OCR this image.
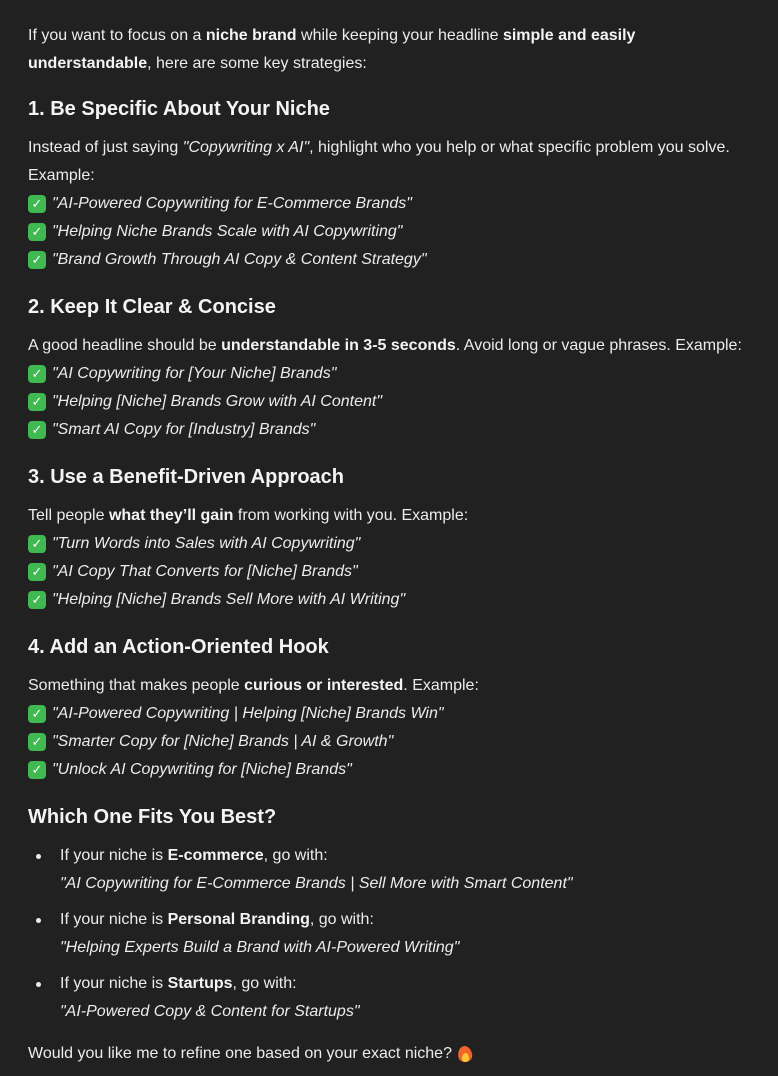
If you want to focus on a niche brand while keeping your headline simple and easily understandable, here are some key strategies:

1. Be Specific About Your Niche

Instead of just saying "Copywriting x AI", highlight who you help or what specific problem you solve. Example:

✓ "AI-Powered Copywriting for E-Commerce Brands"
✓ "Helping Niche Brands Scale with AI Copywriting"
✓ "Brand Growth Through AI Copy & Content Strategy"
2. Keep It Clear & Concise

A good headline should be understandable in 3-5 seconds. Avoid long or vague phrases. Example:

✓ "AI Copywriting for [Your Niche] Brands"
✓ "Helping [Niche] Brands Grow with AI Content"
✓ "Smart AI Copy for [Industry] Brands"
3. Use a Benefit-Driven Approach

Tell people what they’ll gain from working with you. Example:

✓ "Turn Words into Sales with AI Copywriting"
✓ "AI Copy That Converts for [Niche] Brands"
✓ "Helping [Niche] Brands Sell More with AI Writing"
4. Add an Action-Oriented Hook

Something that makes people curious or interested. Example:

✓ "AI-Powered Copywriting | Helping [Niche] Brands Win"
✓ "Smarter Copy for [Niche] Brands | AI & Growth"
✓ "Unlock AI Copywriting for [Niche] Brands"
Which One Fits You Best?
If your niche is E-commerce, go with:
"AI Copywriting for E-Commerce Brands | Sell More with Smart Content"
If your niche is Personal Branding, go with:
"Helping Experts Build a Brand with AI-Powered Writing"
If your niche is Startups, go with:
"AI-Powered Copy & Content for Startups"

Would you like me to refine one based on your exact niche?
